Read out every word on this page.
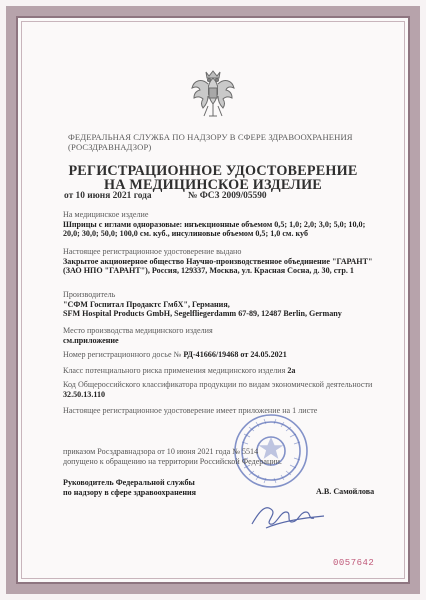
ФЕДЕРАЛЬНАЯ СЛУЖБА ПО НАДЗОРУ В СФЕРЕ ЗДРАВООХРАНЕНИЯ
(РОСЗДРАВНАДЗОР)
РЕГИСТРАЦИОННОЕ УДОСТОВЕРЕНИЕ
НА МЕДИЦИНСКОЕ ИЗДЕЛИЕ
от 10 июня 2021 года	№ ФСЗ 2009/05590
На медицинское изделие
Шприцы с иглами одноразовые: инъекционные объемом 0,5; 1,0; 2,0; 3,0; 5,0; 10,0; 20,0; 30,0; 50,0; 100,0 см. куб., инсулиновые объемом 0,5; 1,0 см. куб
Настоящее регистрационное удостоверение выдано
Закрытое акционерное общество Научно-производственное объединение "ГАРАНТ" (ЗАО НПО "ГАРАНТ"), Россия, 129337, Москва, ул. Красная Сосна, д. 30, стр. 1
Производитель
"СФМ Госпитал Продактс ГмбХ", Германия,
SFM Hospital Products GmbH, Segelfliegerdamm 67-89, 12487 Berlin, Germany
Место производства медицинского изделия
см.приложение
Номер регистрационного досье № РД-41666/19468 от 24.05.2021
Класс потенциального риска применения медицинского изделия 2а
Код Общероссийского классификатора продукции по видам экономической деятельности 32.50.13.110
Настоящее регистрационное удостоверение имеет приложение на 1 листе
приказом Росздравнадзора от 10 июня 2021 года № 5514
допущено к обращению на территории Российской Федерации.
Руководитель Федеральной службы
по надзору в сфере здравоохранения	А.В. Самойлова
0057642
